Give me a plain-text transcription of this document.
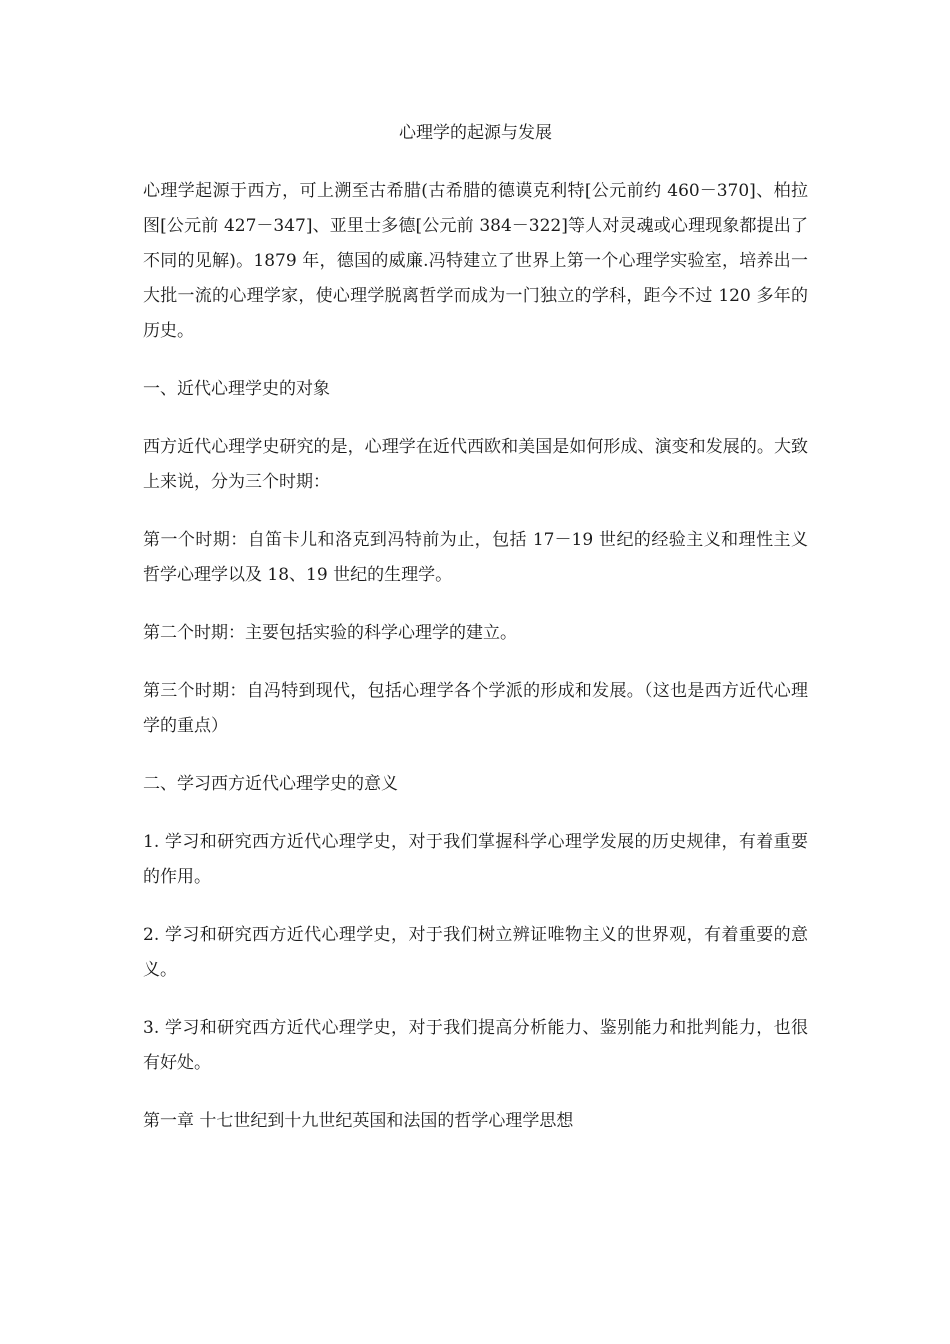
心理学的起源与发展

心理学起源于西方，可上溯至古希腊(古希腊的德谟克利特[公元前约 460－370]、柏拉图[公元前 427－347]、亚里士多德[公元前 384－322]等人对灵魂或心理现象都提出了不同的见解)。1879 年，德国的威廉.冯特建立了世界上第一个心理学实验室，培养出一大批一流的心理学家，使心理学脱离哲学而成为一门独立的学科，距今不过 120 多年的历史。

一、近代心理学史的对象

西方近代心理学史研究的是，心理学在近代西欧和美国是如何形成、演变和发展的。大致上来说，分为三个时期：

第一个时期：自笛卡儿和洛克到冯特前为止，包括 17－19 世纪的经验主义和理性主义哲学心理学以及 18、19 世纪的生理学。

第二个时期：主要包括实验的科学心理学的建立。

第三个时期：自冯特到现代，包括心理学各个学派的形成和发展。（这也是西方近代心理学的重点）

二、学习西方近代心理学史的意义

1. 学习和研究西方近代心理学史，对于我们掌握科学心理学发展的历史规律，有着重要的作用。

2. 学习和研究西方近代心理学史，对于我们树立辨证唯物主义的世界观，有着重要的意义。

3. 学习和研究西方近代心理学史，对于我们提高分析能力、鉴别能力和批判能力，也很有好处。

第一章 十七世纪到十九世纪英国和法国的哲学心理学思想
